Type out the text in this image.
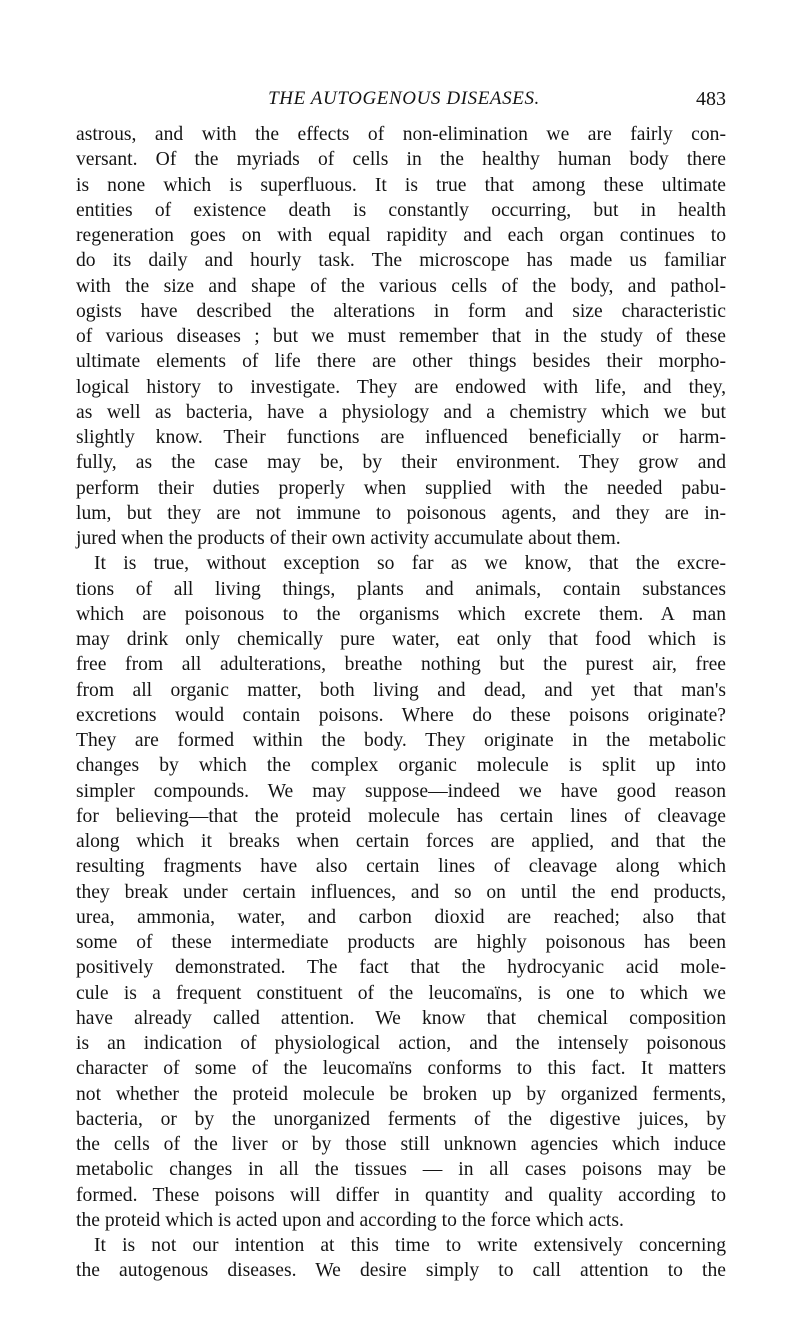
THE AUTOGENOUS DISEASES.	483
astrous, and with the effects of non-elimination we are fairly con-
versant. Of the myriads of cells in the healthy human body there
is none which is superfluous. It is true that among these ultimate
entities of existence death is constantly occurring, but in health
regeneration goes on with equal rapidity and each organ continues to
do its daily and hourly task. The microscope has made us familiar
with the size and shape of the various cells of the body, and pathol-
ogists have described the alterations in form and size characteristic
of various diseases ; but we must remember that in the study of these
ultimate elements of life there are other things besides their morpho-
logical history to investigate. They are endowed with life, and they,
as well as bacteria, have a physiology and a chemistry which we but
slightly know. Their functions are influenced beneficially or harm-
fully, as the case may be, by their environment. They grow and
perform their duties properly when supplied with the needed pabu-
lum, but they are not immune to poisonous agents, and they are in-
jured when the products of their own activity accumulate about them.
It is true, without exception so far as we know, that the excre-
tions of all living things, plants and animals, contain substances
which are poisonous to the organisms which excrete them. A man
may drink only chemically pure water, eat only that food which is
free from all adulterations, breathe nothing but the purest air, free
from all organic matter, both living and dead, and yet that man's
excretions would contain poisons. Where do these poisons originate?
They are formed within the body. They originate in the metabolic
changes by which the complex organic molecule is split up into
simpler compounds. We may suppose—indeed we have good reason
for believing—that the proteid molecule has certain lines of cleavage
along which it breaks when certain forces are applied, and that the
resulting fragments have also certain lines of cleavage along which
they break under certain influences, and so on until the end products,
urea, ammonia, water, and carbon dioxid are reached; also that
some of these intermediate products are highly poisonous has been
positively demonstrated. The fact that the hydrocyanic acid mole-
cule is a frequent constituent of the leucomaïns, is one to which we
have already called attention. We know that chemical composition
is an indication of physiological action, and the intensely poisonous
character of some of the leucomaïns conforms to this fact. It matters
not whether the proteid molecule be broken up by organized ferments,
bacteria, or by the unorganized ferments of the digestive juices, by
the cells of the liver or by those still unknown agencies which induce
metabolic changes in all the tissues — in all cases poisons may be
formed. These poisons will differ in quantity and quality according to
the proteid which is acted upon and according to the force which acts.
It is not our intention at this time to write extensively concerning
the autogenous diseases. We desire simply to call attention to the
